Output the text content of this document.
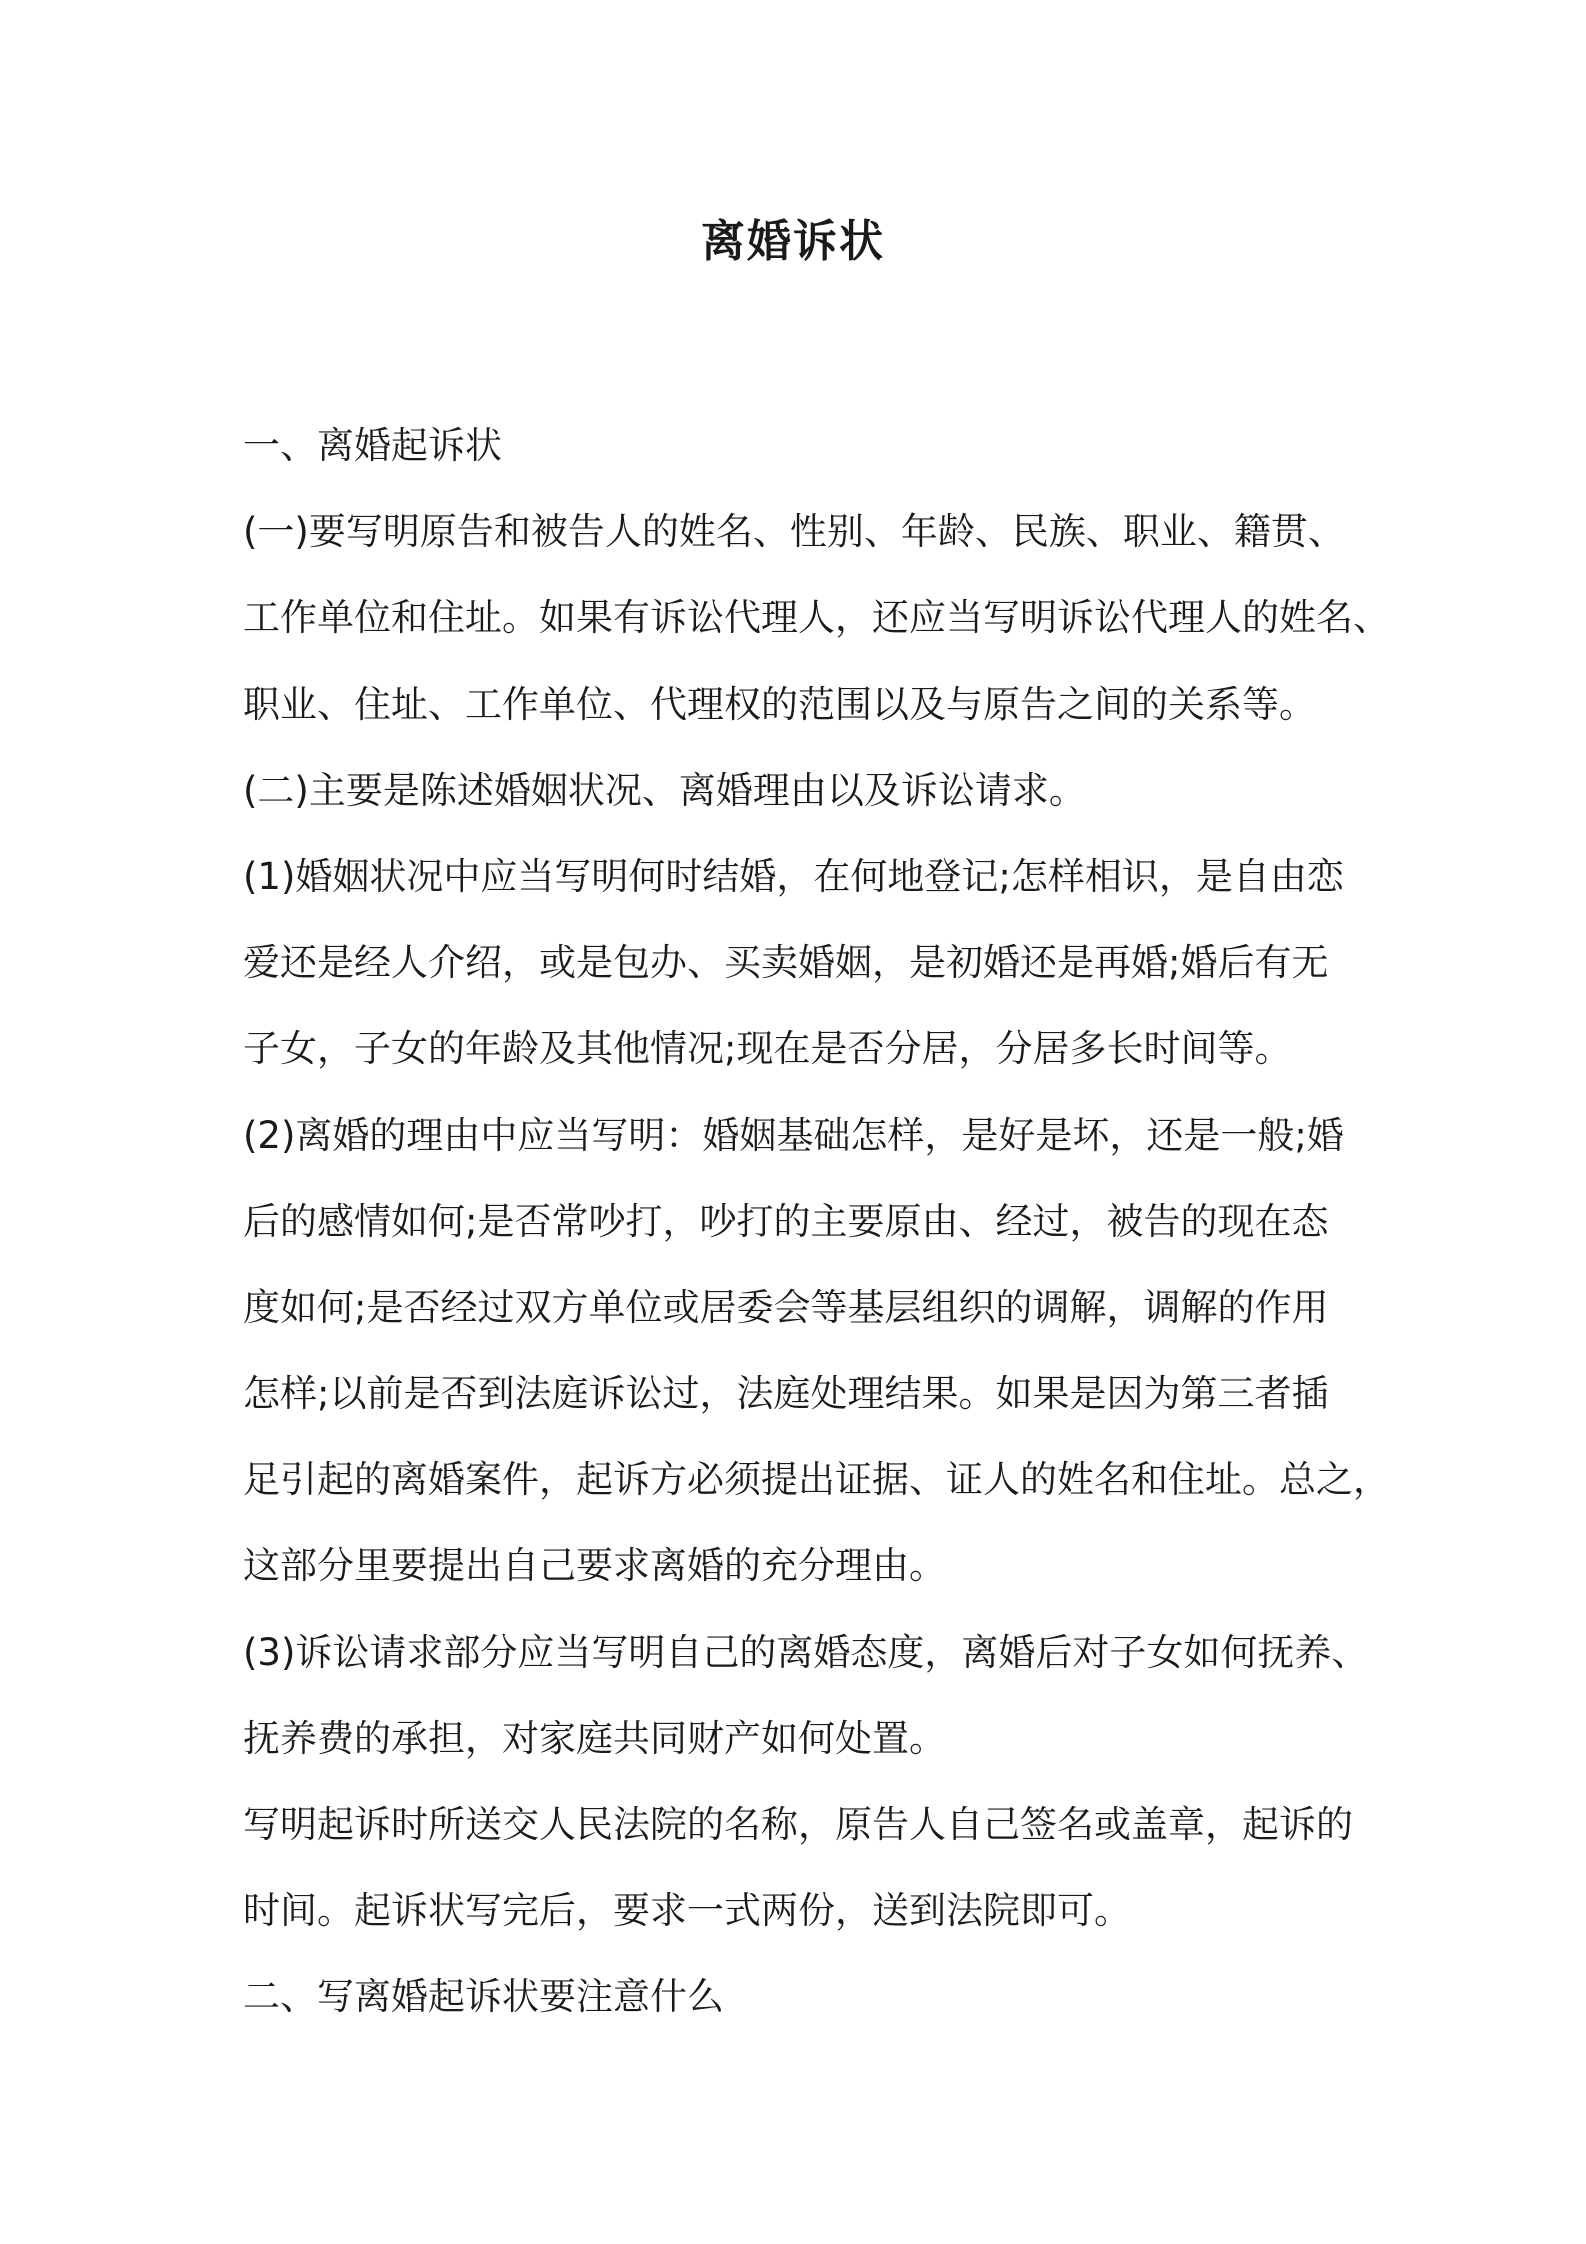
离婚诉状
一、离婚起诉状
(一)要写明原告和被告人的姓名、性别、年龄、民族、职业、籍贯、
工作单位和住址。如果有诉讼代理人，还应当写明诉讼代理人的姓名、
职业、住址、工作单位、代理权的范围以及与原告之间的关系等。
(二)主要是陈述婚姻状况、离婚理由以及诉讼请求。
(1)婚姻状况中应当写明何时结婚，在何地登记;怎样相识，是自由恋
爱还是经人介绍，或是包办、买卖婚姻，是初婚还是再婚;婚后有无
子女，子女的年龄及其他情况;现在是否分居，分居多长时间等。
(2)离婚的理由中应当写明：婚姻基础怎样，是好是坏，还是一般;婚
后的感情如何;是否常吵打，吵打的主要原由、经过，被告的现在态
度如何;是否经过双方单位或居委会等基层组织的调解，调解的作用
怎样;以前是否到法庭诉讼过，法庭处理结果。如果是因为第三者插
足引起的离婚案件，起诉方必须提出证据、证人的姓名和住址。总之，
这部分里要提出自己要求离婚的充分理由。
(3)诉讼请求部分应当写明自己的离婚态度，离婚后对子女如何抚养、
抚养费的承担，对家庭共同财产如何处置。
写明起诉时所送交人民法院的名称，原告人自己签名或盖章，起诉的
时间。起诉状写完后，要求一式两份，送到法院即可。
二、写离婚起诉状要注意什么
